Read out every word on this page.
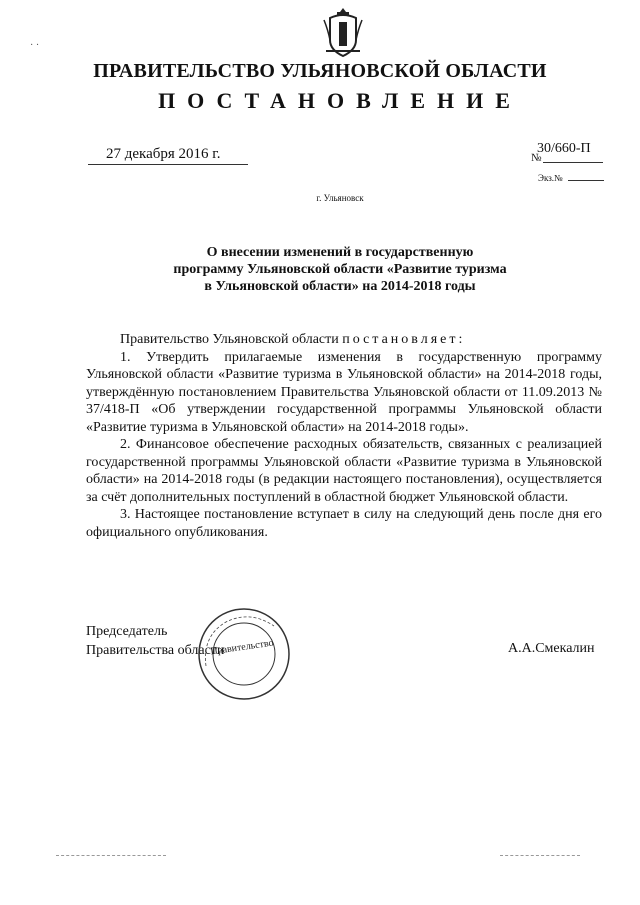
ПРАВИТЕЛЬСТВО УЛЬЯНОВСКОЙ ОБЛАСТИ
ПОСТАНОВЛЕНИЕ
27 декабря 2016 г.	30/660-П
№
Экз.№
г. Ульяновск
О внесении изменений в государственную
программу Ульяновской области «Развитие туризма
в Ульяновской области» на 2014-2018 годы

Правительство Ульяновской области постановляет:

1. Утвердить прилагаемые изменения в государственную программу Ульяновской области «Развитие туризма в Ульяновской области» на 2014-2018 годы, утверждённую постановлением Правительства Ульяновской области от 11.09.2013 № 37/418-П «Об утверждении государственной программы Ульяновской области «Развитие туризма в Ульяновской области» на 2014-2018 годы».

2. Финансовое обеспечение расходных обязательств, связанных с реализацией государственной программы Ульяновской области «Развитие туризма в Ульяновской области» на 2014-2018 годы (в редакции настоящего постановления), осуществляется за счёт дополнительных поступлений в областной бюджет Ульяновской области.

3. Настоящее постановление вступает в силу на следующий день после дня его официального опубликования.

Председатель
Правительства области	А.А.Смекалин
Правительство
· ·
